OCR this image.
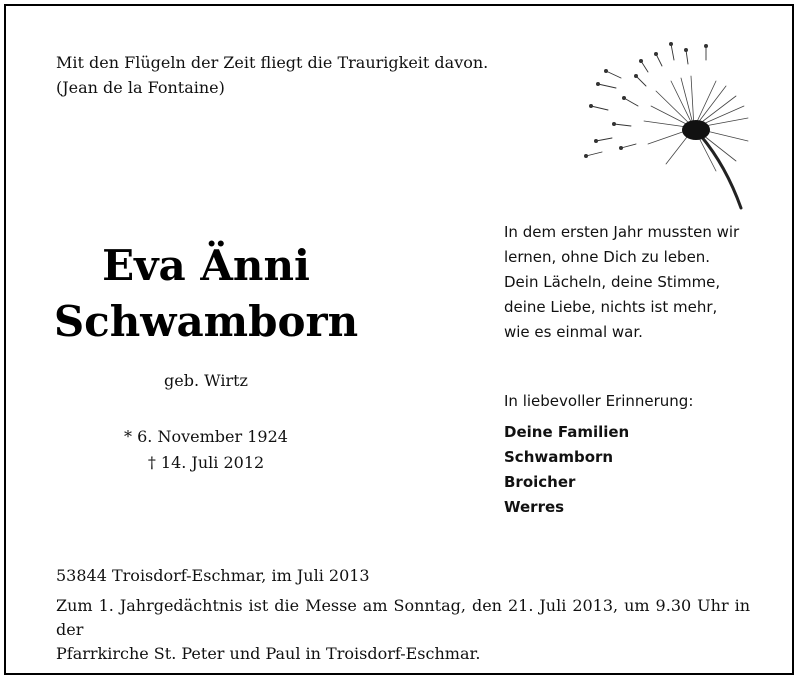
Mit den Flügeln der Zeit fliegt die Traurigkeit davon.
(Jean de la Fontaine)
Eva Änni
Schwamborn
geb. Wirtz
* 6. November 1924
† 14. Juli 2012
In dem ersten Jahr mussten wir
lernen, ohne Dich zu leben.
Dein Lächeln, deine Stimme,
deine Liebe, nichts ist mehr,
wie es einmal war.
In liebevoller Erinnerung:
Deine Familien
Schwamborn
Broicher
Werres
53844 Troisdorf-Eschmar, im Juli 2013
Zum 1. Jahrgedächtnis ist die Messe am Sonntag, den 21. Juli 2013, um 9.30 Uhr in der
Pfarrkirche St. Peter und Paul in Troisdorf-Eschmar.
